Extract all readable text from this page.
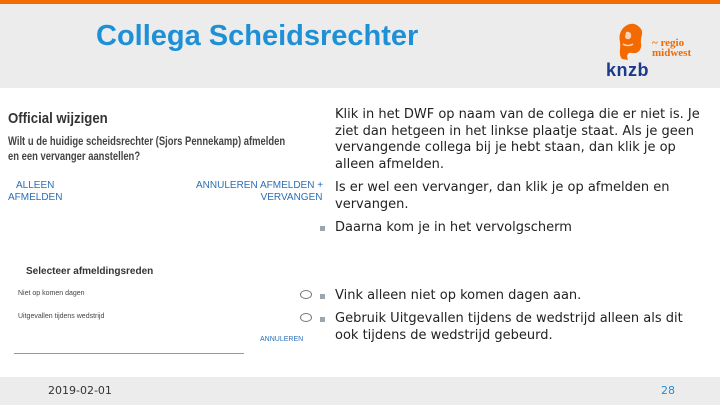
Collega Scheidsrechter	~ regio
midwest
knzb
Official wijzigen
Wilt u de huidige scheidsrechter (Sjors Pennekamp) afmelden en een vervanger aanstellen?
ALLEEN
AFMELDEN
ANNULEREN AFMELDEN +
VERVANGEN
Selecteer afmeldingsreden
Niet op komen dagen
Uitgevallen tijdens wedstrijd
ANNULEREN
Klik in het DWF op naam van de collega die er niet is. Je ziet dan hetgeen in het linkse plaatje staat. Als je geen vervangende collega bij je hebt staan, dan klik je op alleen afmelden.
Is er wel een vervanger, dan klik je op afmelden en vervangen.
Daarna kom je in het vervolgscherm
Vink alleen niet op komen dagen aan.
Gebruik Uitgevallen tijdens de wedstrijd alleen als dit ook tijdens de wedstrijd gebeurd.
2019-02-01	28
